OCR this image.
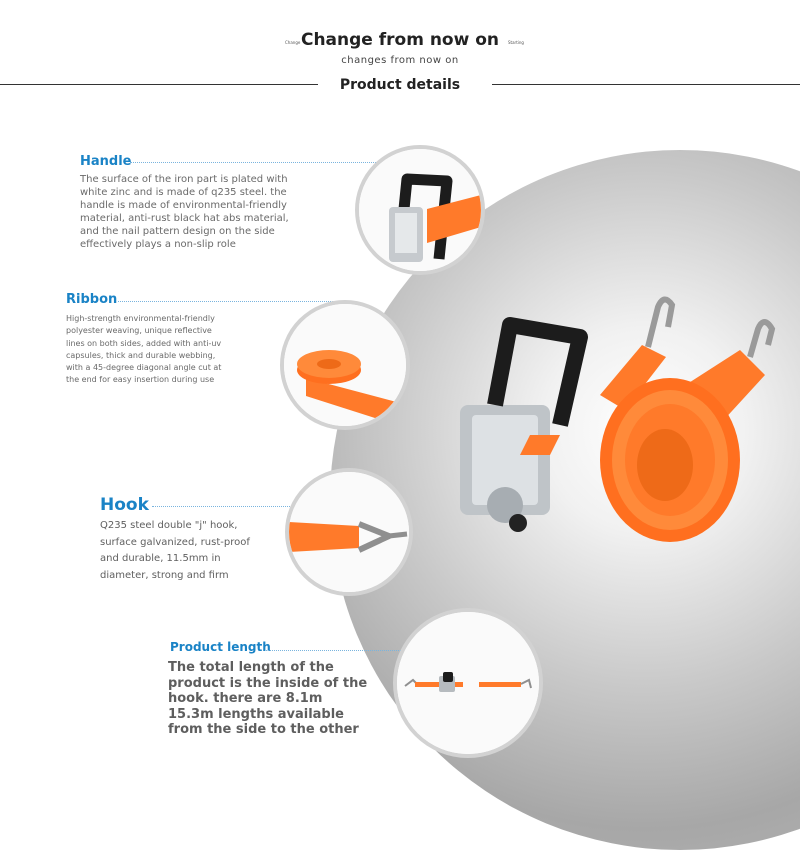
Change Change from now on	Starting
changes from now on
Product details
Handle
The surface of the iron part is plated with white zinc and is made of q235 steel. the handle is made of environmental-friendly material, anti-rust black hat abs material, and the nail pattern design on the side effectively plays a non-slip role
Ribbon
High-strength environmental-friendly polyester weaving, unique reflective lines on both sides, added with anti-uv capsules, thick and durable webbing, with a 45-degree diagonal angle cut at the end for easy insertion during use
Hook
Q235 steel double "j" hook, surface galvanized, rust-proof and durable, 11.5mm in diameter, strong and firm
Product length
The total length of the product is the inside of the hook. there are 8.1m 15.3m lengths available from the side to the other
